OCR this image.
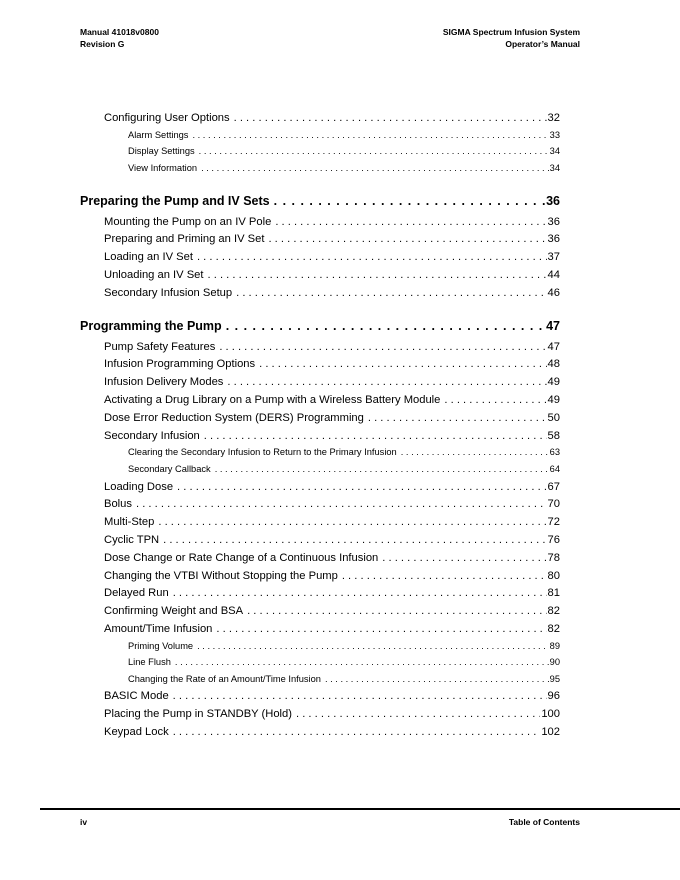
Manual 41018v0800
Revision G
SIGMA Spectrum Infusion System
Operator’s Manual
Configuring User Options . . .	32
Alarm Settings . . .	33
Display Settings . . .	34
View Information . . .	34
Preparing the Pump and IV Sets . . .	36
Mounting the Pump on an IV Pole . . .	36
Preparing and Priming an IV Set . . .	36
Loading an IV Set . . .	37
Unloading an IV Set . . .	44
Secondary Infusion Setup . . .	46
Programming the Pump . . .	47
Pump Safety Features . . .	47
Infusion Programming Options . . .	48
Infusion Delivery Modes . . .	49
Activating a Drug Library on a Pump with a Wireless Battery Module . . .	49
Dose Error Reduction System (DERS) Programming . . .	50
Secondary Infusion . . .	58
Clearing the Secondary Infusion to Return to the Primary Infusion . . .	63
Secondary Callback . . .	64
Loading Dose . . .	67
Bolus . . .	70
Multi-Step . . .	72
Cyclic TPN . . .	76
Dose Change or Rate Change of a Continuous Infusion . . .	78
Changing the VTBI Without Stopping the Pump . . .	80
Delayed Run . . .	81
Confirming Weight and BSA . . .	82
Amount/Time Infusion . . .	82
Priming Volume . . .	89
Line Flush . . .	90
Changing the Rate of an Amount/Time Infusion . . .	95
BASIC Mode . . .	96
Placing the Pump in STANDBY (Hold) . . .	100
Keypad Lock . . .	102
iv	Table of Contents
